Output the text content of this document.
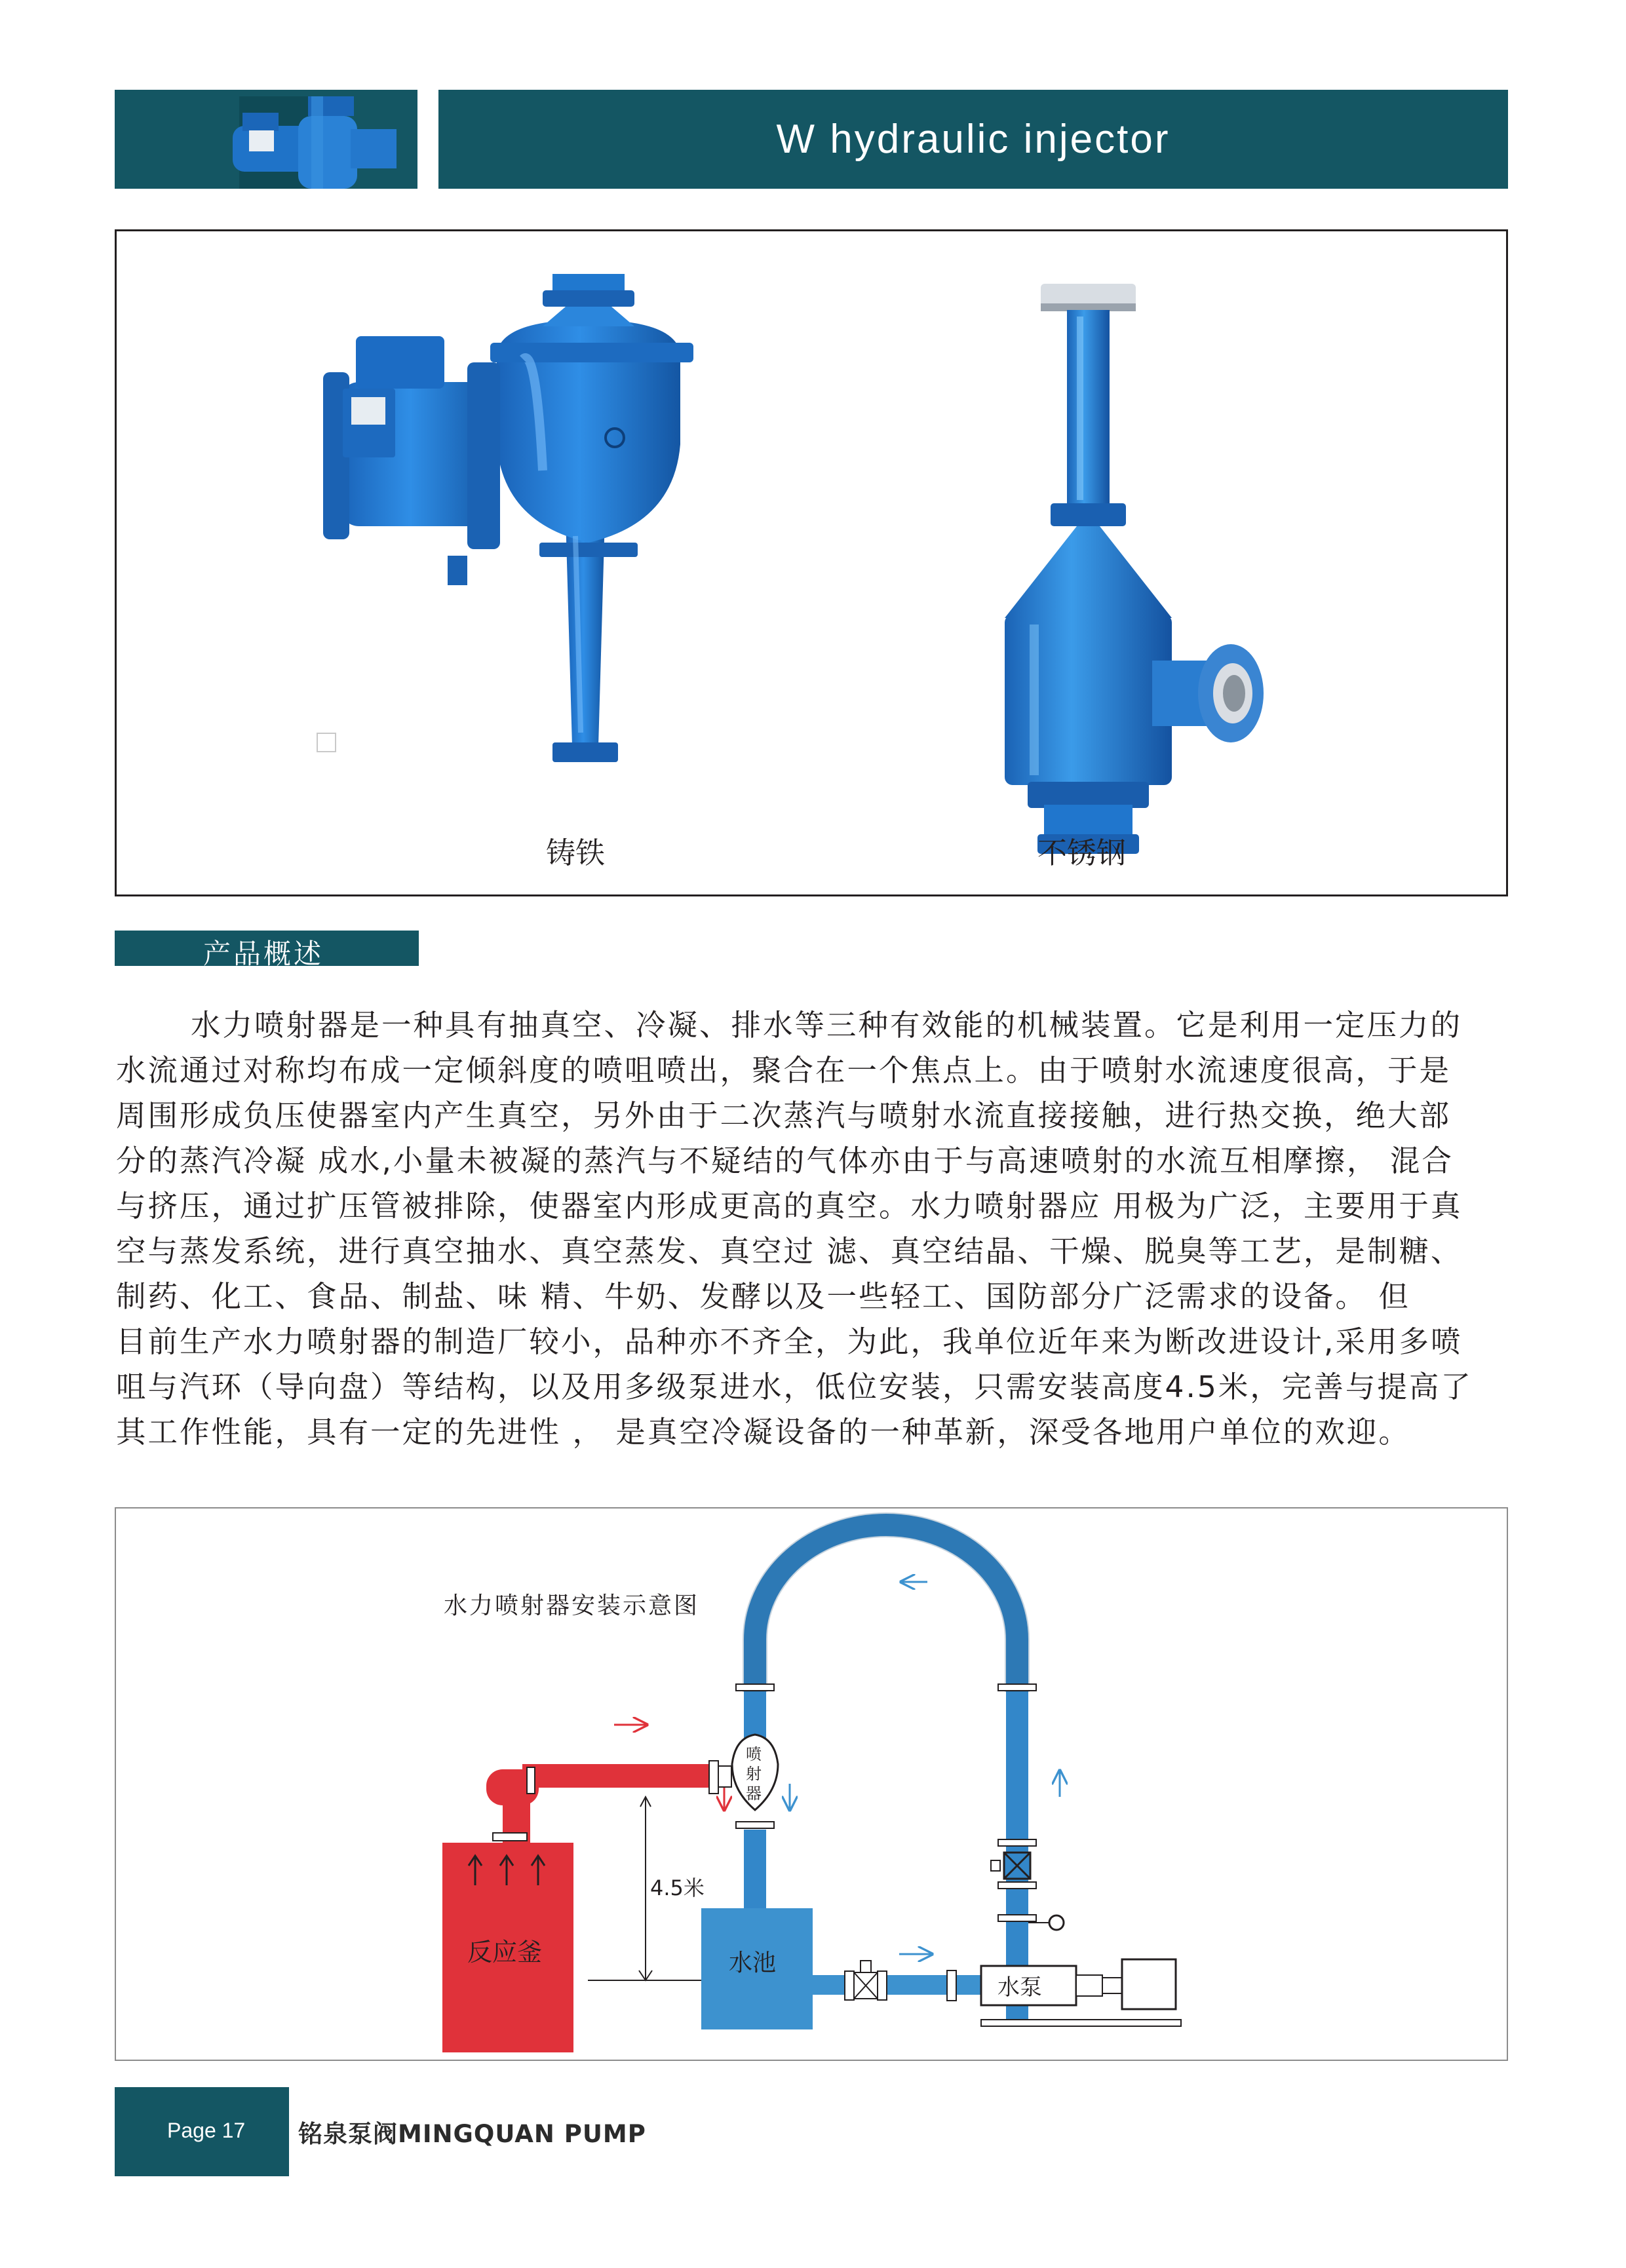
W hydraulic injector
铸铁	不锈钢
产品概述
水力喷射器是一种具有抽真空、冷凝、排水等三种有效能的机械装置。它是利用一定压力的
水流通过对称均布成一定倾斜度的喷咀喷出，聚合在一个焦点上。由于喷射水流速度很高，于是
周围形成负压使器室内产生真空，另外由于二次蒸汽与喷射水流直接接触，进行热交换，绝大部
分的蒸汽冷凝 成水,小量未被凝的蒸汽与不疑结的气体亦由于与高速喷射的水流互相摩擦， 混合
与挤压，通过扩压管被排除，使器室内形成更高的真空。水力喷射器应 用极为广泛，主要用于真
空与蒸发系统，进行真空抽水、真空蒸发、真空过 滤、真空结晶、干燥、脱臭等工艺，是制糖、
制药、化工、食品、制盐、味 精、牛奶、发酵以及一些轻工、国防部分广泛需求的设备。 但
目前生产水力喷射器的制造厂较小，品种亦不齐全，为此，我单位近年来为断改进设计,采用多喷
咀与汽环（导向盘）等结构，以及用多级泵进水，低位安装，只需安装高度4.5米，完善与提高了
其工作性能，具有一定的先进性 ， 是真空冷凝设备的一种革新，深受各地用户单位的欢迎。
水力喷射器安装示意图
喷
射
器
反应釜
4.5米
水池
水泵
Page 17 铭泉泵阀MINGQUAN PUMP
